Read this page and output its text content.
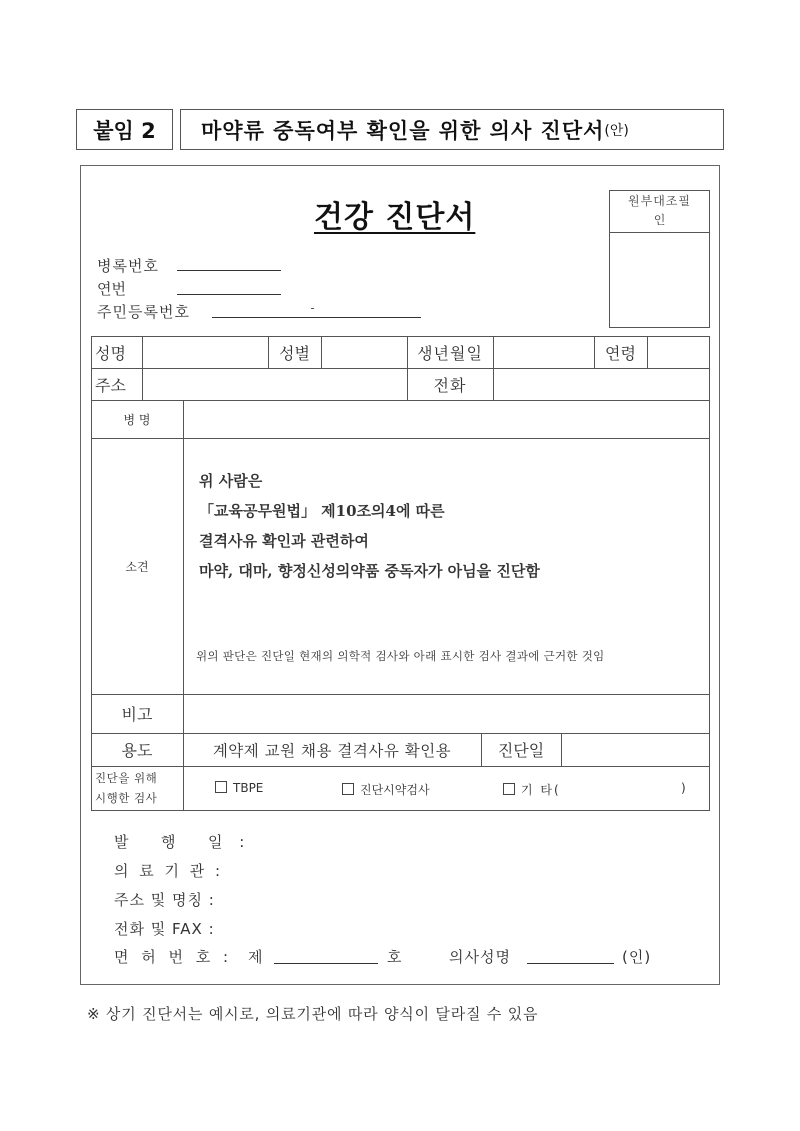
붙임 2 마약류 중독여부 확인을 위한 의사 진단서 (안)
건강 진단서	원부대조필
인
병록번호
연번
주민등록번호	-
성명	성별	생년월일	연령
주소	전화
병 명
소견
위 사람은
「교육공무원법」 제10조의4에 따른
결격사유 확인과 관련하여
마약, 대마, 향정신성의약품 중독자가 아님을 진단함
위의 판단은 진단일 현재의 의학적 검사와 아래 표시한 검사 결과에 근거한 것임
비고
용도	계약제 교원 채용 결격사유 확인용	진단일
진단을 위해
시행한 검사
TBPE	진단시약검사	기 타(	)
발  행  일 :
의 료 기 관 :
주소 및 명칭 :
전화 및 FAX :
면 허 번 호 : 제	호	의사성명	(인)
※ 상기 진단서는 예시로, 의료기관에 따라 양식이 달라질 수 있음
